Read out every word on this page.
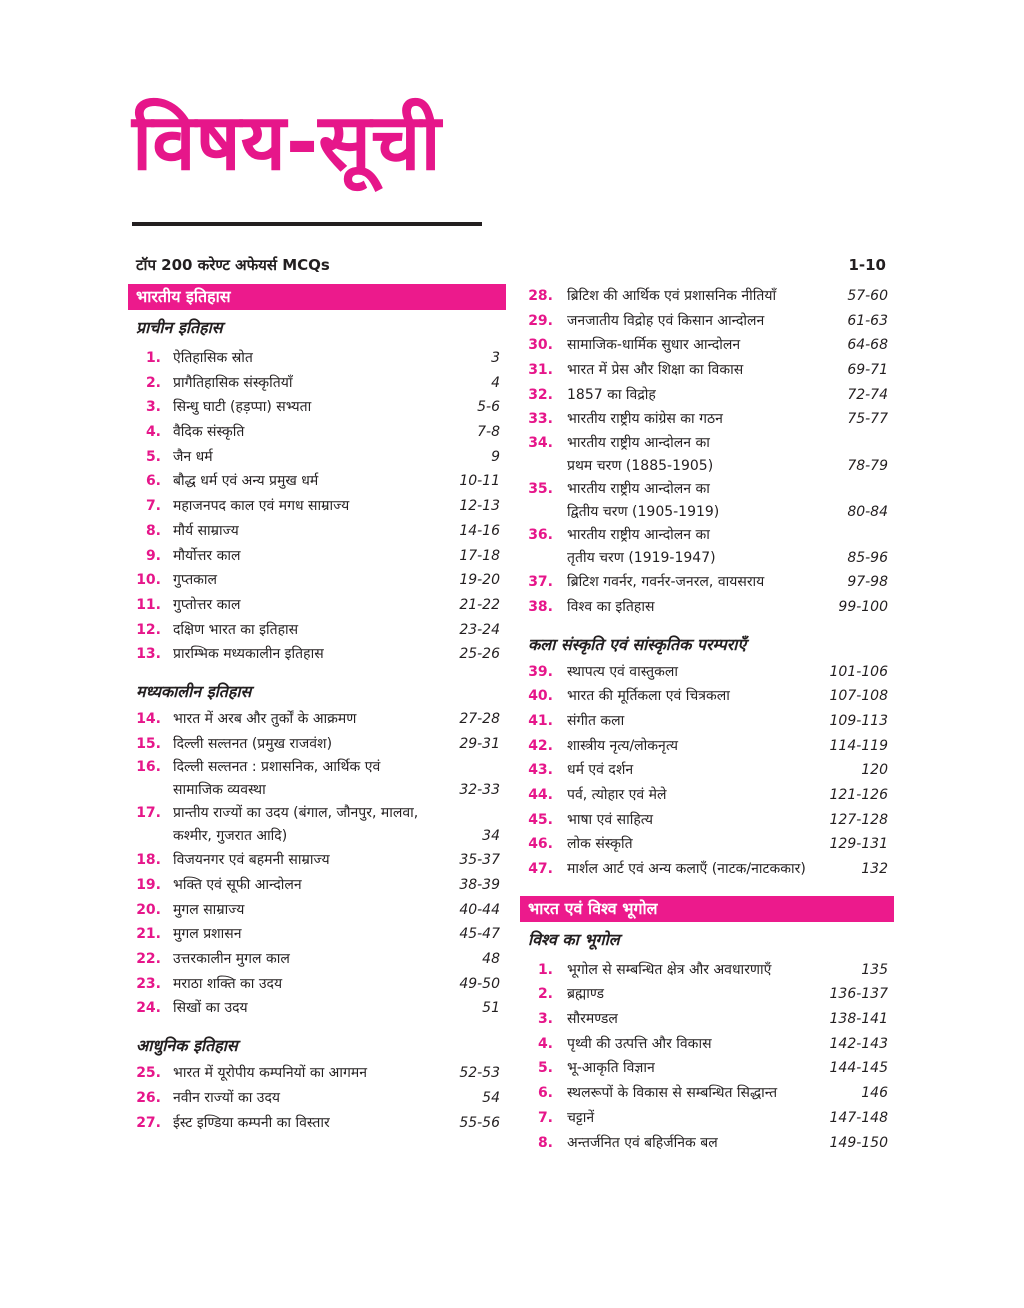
विषय-सूची
टॉप 200 करेण्ट अफेयर्स MCQs	1-10
भारतीय इतिहास
प्राचीन इतिहास
1. ऐतिहासिक स्रोत	3
2. प्रागैतिहासिक संस्कृतियाँ	4
3. सिन्धु घाटी (हड़प्पा) सभ्यता	5-6
4. वैदिक संस्कृति	7-8
5. जैन धर्म	9
6. बौद्ध धर्म एवं अन्य प्रमुख धर्म	10-11
7. महाजनपद काल एवं मगध साम्राज्य	12-13
8. मौर्य साम्राज्य	14-16
9. मौर्योत्तर काल	17-18
10. गुप्तकाल	19-20
11. गुप्तोत्तर काल	21-22
12. दक्षिण भारत का इतिहास	23-24
13. प्रारम्भिक मध्यकालीन इतिहास	25-26
मध्यकालीन इतिहास
14. भारत में अरब और तुर्कों के आक्रमण	27-28
15. दिल्ली सल्तनत (प्रमुख राजवंश)	29-31
16. दिल्ली सल्तनत : प्रशासनिक, आर्थिक एवं
सामाजिक व्यवस्था	32-33
17. प्रान्तीय राज्यों का उदय (बंगाल, जौनपुर, मालवा,
कश्मीर, गुजरात आदि)	34
18. विजयनगर एवं बहमनी साम्राज्य	35-37
19. भक्ति एवं सूफी आन्दोलन	38-39
20. मुगल साम्राज्य	40-44
21. मुगल प्रशासन	45-47
22. उत्तरकालीन मुगल काल	48
23. मराठा शक्ति का उदय	49-50
24. सिखों का उदय	51
आधुनिक इतिहास
25. भारत में यूरोपीय कम्पनियों का आगमन	52-53
26. नवीन राज्यों का उदय	54
27. ईस्ट इण्डिया कम्पनी का विस्तार	55-56
28. ब्रिटिश की आर्थिक एवं प्रशासनिक नीतियाँ	57-60
29. जनजातीय विद्रोह एवं किसान आन्दोलन	61-63
30. सामाजिक-धार्मिक सुधार आन्दोलन	64-68
31. भारत में प्रेस और शिक्षा का विकास	69-71
32. 1857 का विद्रोह	72-74
33. भारतीय राष्ट्रीय कांग्रेस का गठन	75-77
34. भारतीय राष्ट्रीय आन्दोलन का
प्रथम चरण (1885-1905)	78-79
35. भारतीय राष्ट्रीय आन्दोलन का
द्वितीय चरण (1905-1919)	80-84
36. भारतीय राष्ट्रीय आन्दोलन का
तृतीय चरण (1919-1947)	85-96
37. ब्रिटिश गवर्नर, गवर्नर-जनरल, वायसराय	97-98
38. विश्व का इतिहास	99-100
कला संस्कृति एवं सांस्कृतिक परम्पराएँ
39. स्थापत्य एवं वास्तुकला	101-106
40. भारत की मूर्तिकला एवं चित्रकला	107-108
41. संगीत कला	109-113
42. शास्त्रीय नृत्य/लोकनृत्य	114-119
43. धर्म एवं दर्शन	120
44. पर्व, त्योहार एवं मेले	121-126
45. भाषा एवं साहित्य	127-128
46. लोक संस्कृति	129-131
47. मार्शल आर्ट एवं अन्य कलाएँ (नाटक/नाटककार)	132
भारत एवं विश्व भूगोल
विश्व का भूगोल
1. भूगोल से सम्बन्धित क्षेत्र और अवधारणाएँ	135
2. ब्रह्माण्ड	136-137
3. सौरमण्डल	138-141
4. पृथ्वी की उत्पत्ति और विकास	142-143
5. भू-आकृति विज्ञान	144-145
6. स्थलरूपों के विकास से सम्बन्धित सिद्धान्त	146
7. चट्टानें	147-148
8. अन्तर्जनित एवं बहिर्जनिक बल	149-150
